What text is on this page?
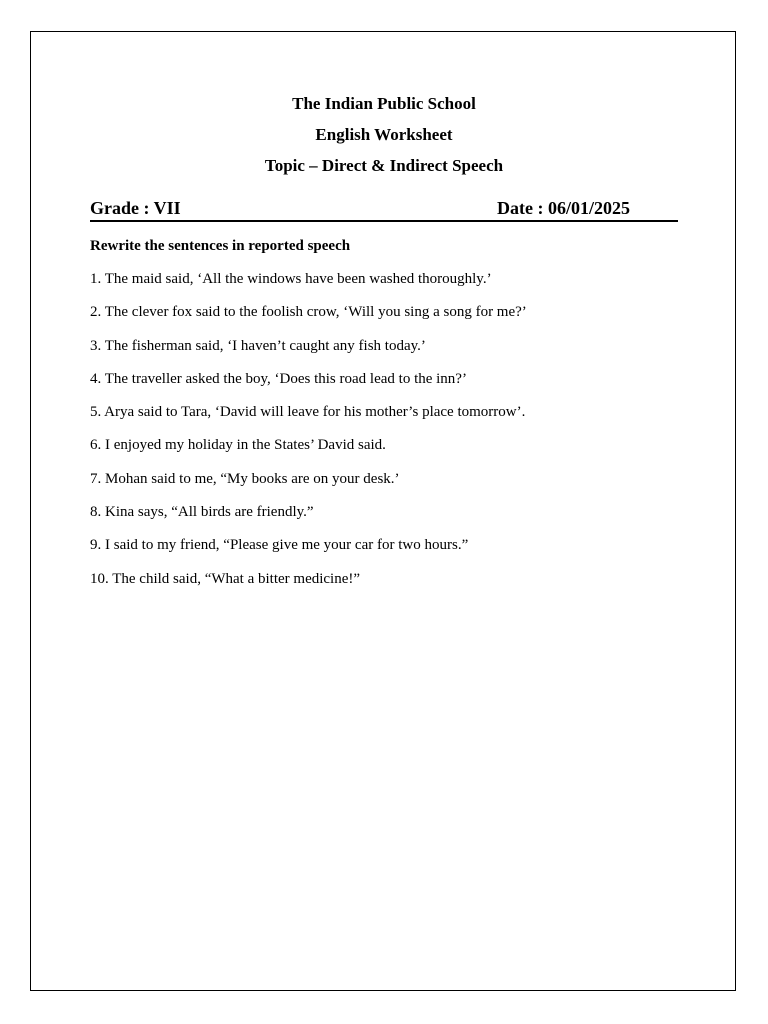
The Indian Public School
English Worksheet
Topic – Direct & Indirect Speech
Grade : VII	Date : 06/01/2025
Rewrite the sentences in reported speech
1. The maid said, ‘All the windows have been washed thoroughly.’
2. The clever fox said to the foolish crow, ‘Will you sing a song for me?’
3. The fisherman said, ‘I haven’t caught any fish today.’
4. The traveller asked the boy, ‘Does this road lead to the inn?’
5. Arya said to Tara, ‘David will leave for his mother’s place tomorrow’.
6. I enjoyed my holiday in the States’ David said.
7. Mohan said to me, “My books are on your desk.’
8. Kina says, “All birds are friendly.”
9. I said to my friend, “Please give me your car for two hours.”
10. The child said, “What a bitter medicine!”
